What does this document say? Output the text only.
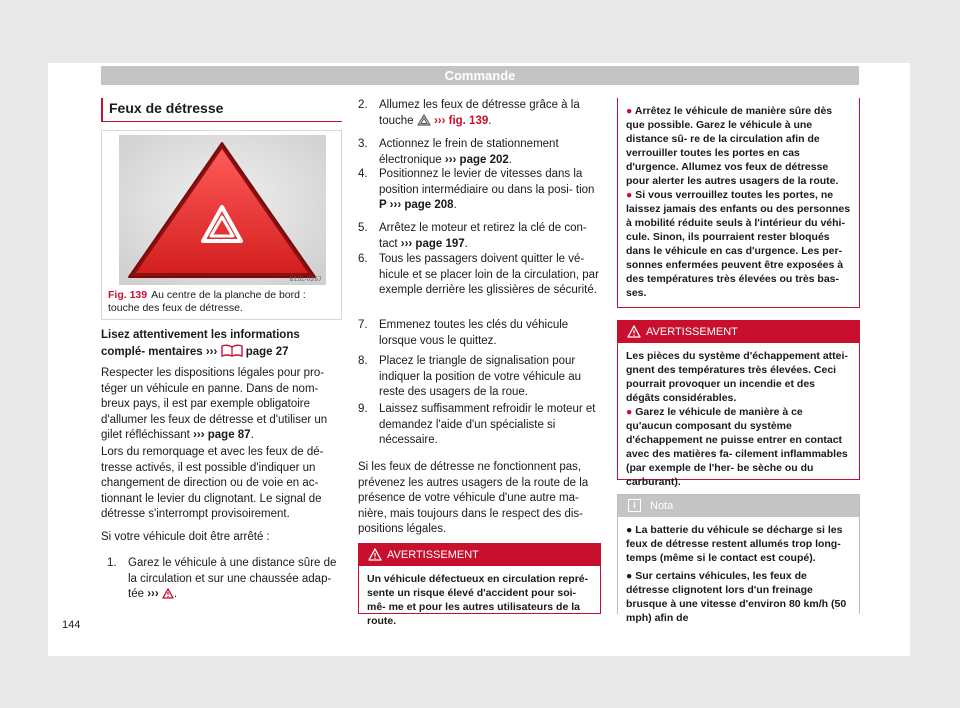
Commande
Feux de détresse
B1SL-0267
Fig. 139 Au centre de la planche de bord : touche des feux de détresse.
Lisez attentivement les informations complé- mentaires ››› page 27
Respecter les dispositions légales pour pro- téger un véhicule en panne. Dans de nom- breux pays, il est par exemple obligatoire d'allumer les feux de détresse et d'utiliser un gilet réfléchissant ››› page 87.
Lors du remorquage et avec les feux de dé- tresse activés, il est possible d'indiquer un changement de direction ou de voie en ac- tionnant le levier du clignotant. Le signal de détresse s'interrompt provisoirement.
Si votre véhicule doit être arrêté :
1. Garez le véhicule à une distance sûre de la circulation et sur une chaussée adap- tée ››› .
2. Allumez les feux de détresse grâce à la touche ››› fig. 139.
3. Actionnez le frein de stationnement électronique ››› page 202.
4. Positionnez le levier de vitesses dans la position intermédiaire ou dans la posi- tion P ››› page 208.
5. Arrêtez le moteur et retirez la clé de con- tact ››› page 197.
6. Tous les passagers doivent quitter le vé- hicule et se placer loin de la circulation, par exemple derrière les glissières de sécurité.
7. Emmenez toutes les clés du véhicule lorsque vous le quittez.
8. Placez le triangle de signalisation pour indiquer la position de votre véhicule au reste des usagers de la roue.
9. Laissez suffisamment refroidir le moteur et demandez l'aide d'un spécialiste si nécessaire.
Si les feux de détresse ne fonctionnent pas, prévenez les autres usagers de la route de la présence de votre véhicule d'une autre ma- nière, mais toujours dans le respect des dis- positions légales.
AVERTISSEMENT
Un véhicule défectueux en circulation repré- sente un risque élevé d'accident pour soi-mê- me et pour les autres utilisateurs de la route.
● Arrêtez le véhicule de manière sûre dès que possible. Garez le véhicule à une distance sû- re de la circulation afin de verrouiller toutes les portes en cas d'urgence. Allumez vos feux de détresse pour alerter les autres usagers de la route.
● Si vous verrouillez toutes les portes, ne laissez jamais des enfants ou des personnes à mobilité réduite seuls à l'intérieur du véhi- cule. Sinon, ils pourraient rester bloqués dans le véhicule en cas d'urgence. Les per- sonnes enfermées peuvent être exposées à des températures très élevées ou très bas- ses.
AVERTISSEMENT
Les pièces du système d'échappement attei- gnent des températures très élevées. Ceci pourrait provoquer un incendie et des dégâts considérables.
● Garez le véhicule de manière à ce qu'aucun composant du système d'échappement ne puisse entrer en contact avec des matières fa- cilement inflammables (par exemple de l'her- be sèche ou du carburant).
i	Nota
● La batterie du véhicule se décharge si les feux de détresse restent allumés trop long- temps (même si le contact est coupé).
● Sur certains véhicules, les feux de détresse clignotent lors d'un freinage brusque à une vitesse d'environ 80 km/h (50 mph) afin de
144
